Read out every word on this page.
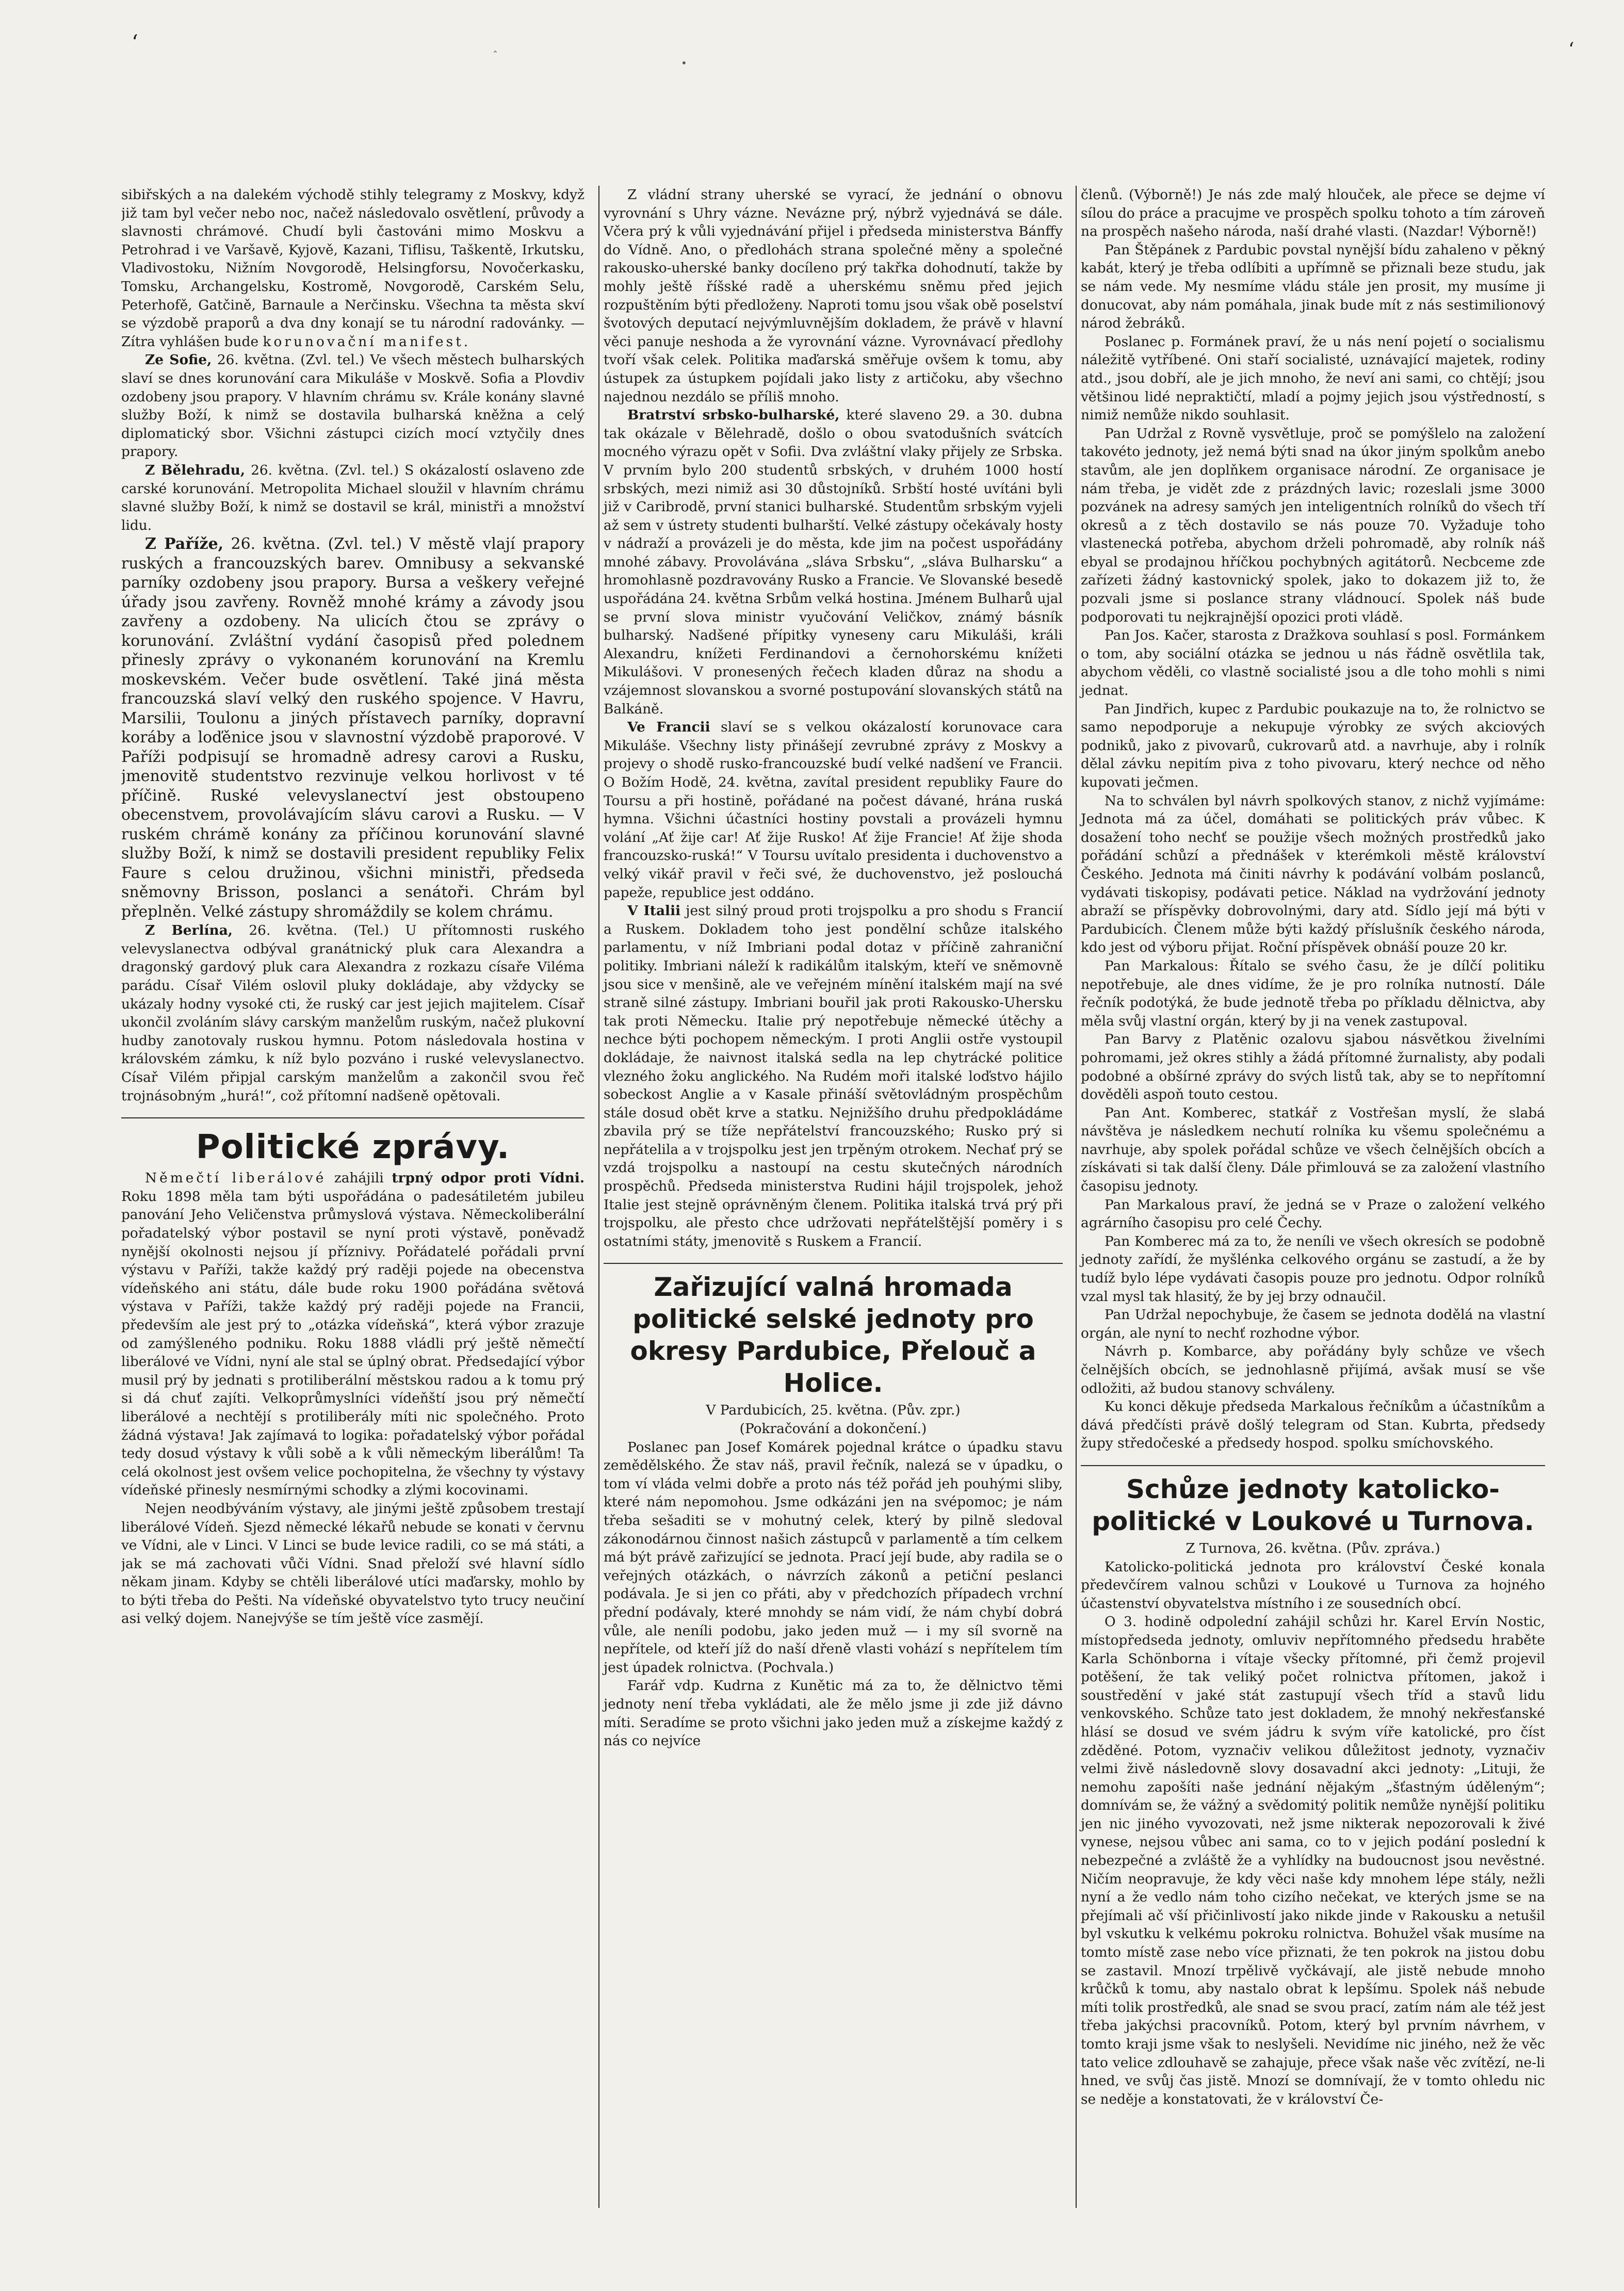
ʻ
•
ˆ	ʻ

sibiřských a na dalekém východě stihly telegramy z Moskvy, když již tam byl večer nebo noc, načež následovalo osvětlení, průvody a slavnosti chrámové. Chudí byli častováni mimo Moskvu a Petrohrad i ve Varšavě, Kyjově, Kazani, Tiflisu, Taškentě, Irkutsku, Vladivostoku, Nižním Novgorodě, Helsingforsu, Novočerkasku, Tomsku, Archangelsku, Kostromě, Novgorodě, Carském Selu, Peterhofě, Gatčině, Barnaule a Nerčinsku. Všechna ta města skví se výzdobě praporů a dva dny konají se tu národní radovánky. — Zítra vyhlášen bude korunovační manifest.

Ze Sofie, 26. května. (Zvl. tel.) Ve všech městech bulharských slaví se dnes korunování cara Mikuláše v Moskvě. Sofia a Plovdiv ozdobeny jsou prapory. V hlavním chrámu sv. Krále konány slavné služby Boží, k nimž se dostavila bulharská kněžna a celý diplomatický sbor. Všichni zástupci cizích mocí vztyčily dnes prapory.

Z Bělehradu, 26. května. (Zvl. tel.) S okázalostí oslaveno zde carské korunování. Metropolita Michael sloužil v hlavním chrámu slavné služby Boží, k nimž se dostavil se král, ministři a množství lidu.

Z Paříže, 26. května. (Zvl. tel.) V městě vlají prapory ruských a francouzských barev. Omnibusy a sekvanské parníky ozdobeny jsou prapory. Bursa a veškery veřejné úřady jsou zavřeny. Rovněž mnohé krámy a závody jsou zavřeny a ozdobeny. Na ulicích čtou se zprávy o korunování. Zvláštní vydání časopisů před polednem přinesly zprávy o vykonaném korunování na Kremlu moskevském. Večer bude osvětlení. Také jiná města francouzská slaví velký den ruského spojence. V Havru, Marsilii, Toulonu a jiných přístavech parníky, dopravní koráby a loďěnice jsou v slavnostní výzdobě praporové. V Paříži podpisují se hromadně adresy carovi a Rusku, jmenovitě studentstvo rezvinuje velkou horlivost v té příčině. Ruské velevyslanectví jest obstoupeno obecenstvem, provolávajícím slávu carovi a Rusku. — V ruském chrámě konány za příčinou korunování slavné služby Boží, k nimž se dostavili president republiky Felix Faure s celou družinou, všichni ministři, předseda sněmovny Brisson, poslanci a senátoři. Chrám byl přeplněn. Velké zástupy shromáždily se kolem chrámu.

Z Berlína, 26. května. (Tel.) U přítomnosti ruského velevyslanectva odbýval granátnický pluk cara Alexandra a dragonský gardový pluk cara Alexandra z rozkazu císaře Viléma parádu. Císař Vilém oslovil pluky dokládaje, aby vždycky se ukázaly hodny vysoké cti, že ruský car jest jejich majitelem. Císař ukončil zvoláním slávy carským manželům ruským, načež plukovní hudby zanotovaly ruskou hymnu. Potom následovala hostina v královském zámku, k níž bylo pozváno i ruské velevyslanectvo. Císař Vilém připjal carským manželům a zakončil svou řeč trojnásobným „hurá!“, což přítomní nadšeně opětovali.

Politické zprávy.

Němečtí liberálové zahájili trpný odpor proti Vídni. Roku 1898 měla tam býti uspořádána o padesátiletém jubileu panování Jeho Veličenstva průmyslová výstava. Německoliberální pořadatelský výbor postavil se nyní proti výstavě, poněvadž nynější okolnosti nejsou jí příznivy. Pořádatelé pořádali první výstavu v Paříži, takže každý prý raději pojede na obecenstva vídeňského ani státu, dále bude roku 1900 pořádána světová výstava v Paříži, takže každý prý raději pojede na Francii, především ale jest prý to „otázka vídeňská“, která výbor zrazuje od zamýšleného podniku. Roku 1888 vládli prý ještě němečtí liberálové ve Vídni, nyní ale stal se úplný obrat. Předsedající výbor musil prý by jednati s protiliberální městskou radou a k tomu prý si dá chuť zajíti. Velkoprůmyslníci vídeňští jsou prý němečtí liberálové a nechtějí s protiliberály míti nic společného. Proto žádná výstava! Jak zajímavá to logika: pořadatelský výbor pořádal tedy dosud výstavy k vůli sobě a k vůli německým liberálům! Ta celá okolnost jest ovšem velice pochopitelna, že všechny ty výstavy vídeňské přinesly nesmírnými schodky a zlými kocovinami.

Nejen neodbýváním výstavy, ale jinými ještě způsobem trestají liberálové Vídeň. Sjezd německé lékařů nebude se konati v červnu ve Vídni, ale v Linci. V Linci se bude levice radili, co se má státi, a jak se má zachovati vůči Vídni. Snad přeloží své hlavní sídlo někam jinam. Kdyby se chtěli liberálové utíci maďarsky, mohlo by to býti třeba do Pešti. Na vídeňské obyvatelstvo tyto trucy neučiní asi velký dojem. Nanejvýše se tím ještě více zasmějí.

Z vládní strany uherské se vyrací, že jednání o obnovu vyrovnání s Uhry vázne. Nevázne prý, nýbrž vyjednává se dále. Včera prý k vůli vyjednávání přijel i předseda ministerstva Bánffy do Vídně. Ano, o předlohách strana společné měny a společné rakousko-uherské banky docíleno prý takřka dohodnutí, takže by mohly ještě říšské radě a uherskému sněmu před jejich rozpuštěním býti předloženy. Naproti tomu jsou však obě poselství švotových deputací nejvýmluvnějším dokladem, že právě v hlavní věci panuje neshoda a že vyrovnání vázne. Vyrovnávací předlohy tvoří však celek. Politika maďarská směřuje ovšem k tomu, aby ústupek za ústupkem pojídali jako listy z artičoku, aby všechno najednou nezdálo se příliš mnoho.

Bratrství srbsko-bulharské, které slaveno 29. a 30. dubna tak okázale v Bělehradě, došlo o obou svatodušních svátcích mocného výrazu opět v Sofii. Dva zvláštní vlaky přijely ze Srbska. V prvním bylo 200 studentů srbských, v druhém 1000 hostí srbských, mezi nimiž asi 30 důstojníků. Srbští hosté uvítáni byli již v Caribrodě, první stanici bulharské. Studentům srbským vyjeli až sem v ústrety studenti bulharští. Velké zástupy očekávaly hosty v nádraží a provázeli je do města, kde jim na počest uspořádány mnohé zábavy. Provolávána „sláva Srbsku“, „sláva Bulharsku“ a hromohlasně pozdravovány Rusko a Francie. Ve Slovanské besedě uspořádána 24. května Srbům velká hostina. Jménem Bulharů ujal se první slova ministr vyučování Veličkov, známý básník bulharský. Nadšené přípitky vyneseny caru Mikuláši, králi Alexandru, knížeti Ferdinandovi a černohorskému knížeti Mikulášovi. V pronesených řečech kladen důraz na shodu a vzájemnost slovanskou a svorné postupování slovanských států na Balkáně.

Ve Francii slaví se s velkou okázalostí korunovace cara Mikuláše. Všechny listy přinášejí zevrubné zprávy z Moskvy a projevy o shodě rusko-francouzské budí velké nadšení ve Francii. O Božím Hodě, 24. května, zavítal president republiky Faure do Toursu a při hostině, pořádané na počest dávané, hrána ruská hymna. Všichni účastníci hostiny povstali a provázeli hymnu volání „Ať žije car! Ať žije Rusko! Ať žije Francie! Ať žije shoda francouzsko-ruská!“ V Toursu uvítalo presidenta i duchovenstvo a velký vikář pravil v řeči své, že duchovenstvo, jež poslouchá papeže, republice jest oddáno.

V Italii jest silný proud proti trojspolku a pro shodu s Francií a Ruskem. Dokladem toho jest pondělní schůze italského parlamentu, v níž Imbriani podal dotaz v příčině zahraniční politiky. Imbriani náleží k radikálům italským, kteří ve sněmovně jsou sice v menšině, ale ve veřejném mínění italském mají na své straně silné zástupy. Imbriani bouřil jak proti Rakousko-Uhersku tak proti Německu. Italie prý nepotřebuje německé útěchy a nechce býti pochopem německým. I proti Anglii ostře vystoupil dokládaje, že naivnost italská sedla na lep chytrácké politice vlezného žoku anglického. Na Rudém moři italské loďstvo hájilo sobeckost Anglie a v Kasale přináší světovládným prospěchům stále dosud obět krve a statku. Nejnižšího druhu předpokládáme zbavila prý se tíže nepřátelství francouzského; Rusko prý si nepřátelila a v trojspolku jest jen trpěným otrokem. Nechať prý se vzdá trojspolku a nastoupí na cestu skutečných národních prospěchů. Předseda ministerstva Rudini hájil trojspolek, jehož Italie jest stejně oprávněným členem. Politika italská trvá prý při trojspolku, ale přesto chce udržovati nepřátelštější poměry i s ostatními státy, jmenovitě s Ruskem a Francií.

Zařizující valná hromada politické selské jednoty pro okresy Pardubice, Přelouč a Holice.

V Pardubicích, 25. května. (Pův. zpr.)

(Pokračování a dokončení.)

Poslanec pan Josef Komárek pojednal krátce o úpadku stavu zemědělského. Že stav náš, pravil řečník, nalezá se v úpadku, o tom ví vláda velmi dobře a proto nás též pořád jeh pouhými sliby, které nám nepomohou. Jsme odkázáni jen na svépomoc; je nám třeba sešaditi se v mohutný celek, který by pilně sledoval zákonodárnou činnost našich zástupců v parlamentě a tím celkem má být právě zařizující se jednota. Prací její bude, aby radila se o veřejných otázkách, o návrzích zákonů a petiční peslanci podávala. Je si jen co přáti, aby v předchozích případech vrchní přední podávaly, které mnohdy se nám vidí, že nám chybí dobrá vůle, ale neníli podobu, jako jeden muž — i my síl svorně na nepřítele, od kteří jíž do naší dřeně vlasti vohází s nepřítelem tím jest úpadek rolnictva. (Pochvala.)

Farář vdp. Kudrna z Kunětic má za to, že dělnictvo těmi jednoty není třeba vykládati, ale že mělo jsme ji zde již dávno míti. Seradíme se proto všichni jako jeden muž a získejme každý z nás co nejvíce

členů. (Výborně!) Je nás zde malý hlouček, ale přece se dejme ví sílou do práce a pracujme ve prospěch spolku tohoto a tím zároveň na prospěch našeho národa, naší drahé vlasti. (Nazdar! Výborně!)

Pan Štěpánek z Pardubic povstal nynější bídu zahaleno v pěkný kabát, který je třeba odlíbiti a upřímně se přiznali beze studu, jak se nám vede. My nesmíme vládu stále jen prosit, my musíme ji donucovat, aby nám pomáhala, jinak bude mít z nás sestimilionový národ žebráků.

Poslanec p. Formánek praví, že u nás není pojetí o socialismu náležitě vytříbené. Oni staří socialisté, uznávající majetek, rodiny atd., jsou dobří, ale je jich mnoho, že neví ani sami, co chtějí; jsou většinou lidé nepraktičtí, mladí a pojmy jejich jsou výstředností, s nimiž nemůže nikdo souhlasit.

Pan Udržal z Rovně vysvětluje, proč se pomýšlelo na založení takovéto jednoty, jež nemá býti snad na úkor jiným spolkům anebo stavům, ale jen doplňkem organisace národní. Ze organisace je nám třeba, je vidět zde z prázdných lavic; rozeslali jsme 3000 pozvánek na adresy samých jen inteligentních rolníků do všech tří okresů a z těch dostavilo se nás pouze 70. Vyžaduje toho vlastenecká potřeba, abychom drželi pohromadě, aby rolník náš ebyal se prodajnou hříčkou pochybných agitátorů. Necbceme zde zařízeti žádný kastovnický spolek, jako to dokazem již to, že pozvali jsme si poslance strany vládnoucí. Spolek náš bude podporovati tu nejkrajnější opozici proti vládě.

Pan Jos. Kačer, starosta z Dražkova souhlasí s posl. Formánkem o tom, aby sociální otázka se jednou u nás řádně osvětlila tak, abychom věděli, co vlastně socialisté jsou a dle toho mohli s nimi jednat.

Pan Jindřich, kupec z Pardubic poukazuje na to, že rolnictvo se samo nepodporuje a nekupuje výrobky ze svých akciových podniků, jako z pivovarů, cukrovarů atd. a navrhuje, aby i rolník dělal závku nepitím piva z toho pivovaru, který nechce od něho kupovati ječmen.

Na to schválen byl návrh spolkových stanov, z nichž vyjímáme: Jednota má za účel, domáhati se politických práv vůbec. K dosažení toho nechť se použije všech možných prostředků jako pořádání schůzí a přednášek v kterémkoli městě království Českého. Jednota má činiti návrhy k podávání volbám poslanců, vydávati tiskopisy, podávati petice. Náklad na vydržování jednoty abraží se příspěvky dobrovolnými, dary atd. Sídlo její má býti v Pardubicích. Členem může býti každý příslušník českého národa, kdo jest od výboru přijat. Roční příspěvek obnáší pouze 20 kr.

Pan Markalous: Řítalo se svého času, že je dílčí politiku nepotřebuje, ale dnes vidíme, že je pro rolníka nutností. Dále řečník podotýká, že bude jednotě třeba po příkladu dělnictva, aby měla svůj vlastní orgán, který by ji na venek zastupoval.

Pan Barvy z Platěnic ozalovu sjabou násvětkou živelními pohromami, jež okres stihly a žádá přítomné žurnalisty, aby podali podobné a obšírné zprávy do svých listů tak, aby se to nepřítomní dověděli aspoň touto cestou.

Pan Ant. Komberec, statkář z Vostřešan myslí, že slabá návštěva je následkem nechutí rolníka ku všemu společnému a navrhuje, aby spolek pořádal schůze ve všech čelnějších obcích a získávati si tak další členy. Dále přimlouvá se za založení vlastního časopisu jednoty.

Pan Markalous praví, že jedná se v Praze o založení velkého agrárního časopisu pro celé Čechy.

Pan Komberec má za to, že neníli ve všech okresích se podobně jednoty zařídí, že myšlénka celkového orgánu se zastudí, a že by tudíž bylo lépe vydávati časopis pouze pro jednotu. Odpor rolníků vzal mysl tak hlasitý, že by jej brzy odnaučil.

Pan Udržal nepochybuje, že časem se jednota dodělá na vlastní orgán, ale nyní to nechť rozhodne výbor.

Návrh p. Kombarce, aby pořádány byly schůze ve všech čelnějších obcích, se jednohlasně přijímá, avšak musí se vše odložiti, až budou stanovy schváleny.

Ku konci děkuje předseda Markalous řečníkům a účastníkům a dává předčísti právě došlý telegram od Stan. Kubrta, předsedy župy středočeské a předsedy hospod. spolku smíchovského.

Schůze jednoty katolicko-politické v Loukové u Turnova.

Z Turnova, 26. května. (Pův. zpráva.)

Katolicko-politická jednota pro království České konala předevčírem valnou schůzi v Loukové u Turnova za hojného účastenství obyvatelstva místního i ze sousedních obcí.

O 3. hodině odpolední zahájil schůzi hr. Karel Ervín Nostic, místopředseda jednoty, omluviv nepřítomného předsedu hraběte Karla Schönborna i vítaje všecky přítomné, při čemž projevil potěšení, že tak veliký počet rolnictva přítomen, jakož i soustředění v jaké stát zastupují všech tříd a stavů lidu venkovského. Schůze tato jest dokladem, že mnohý nekřesťanské hlásí se dosud ve svém jádru k svým víře katolické, pro číst zděděné. Potom, vyznačiv velikou důležitost jednoty, vyznačiv velmi živě následovně slovy dosavadní akci jednoty: „Lituji, že nemohu zapošíti naše jednání nějakým „šťastným úděleným“; domnívám se, že vážný a svědomitý politik nemůže nynější politiku jen nic jiného vyvozovati, než jsme nikterak nepozorovali k živé vynese, nejsou vůbec ani sama, co to v jejich podání poslední k nebezpečné a zvláště že a vyhlídky na budoucnost jsou nevěstné. Ničím neopravuje, že kdy věci naše kdy mnohem lépe stály, nežli nyní a že vedlo nám toho cizího nečekat, ve kterých jsme se na přejímali ač vší přičinlivostí jako nikde jinde v Rakousku a netušil byl vskutku k velkému pokroku rolnictva. Bohužel však musíme na tomto místě zase nebo více přiznati, že ten pokrok na jistou dobu se zastavil. Mnozí trpělivě vyčkávají, ale jistě nebude mnoho krůčků k tomu, aby nastalo obrat k lepšímu. Spolek náš nebude míti tolik prostředků, ale snad se svou prací, zatím nám ale též jest třeba jakýchsi pracovníků. Potom, který byl prvním návrhem, v tomto kraji jsme však to neslyšeli. Nevidíme nic jiného, než že věc tato velice zdlouhavě se zahajuje, přece však naše věc zvítězí, ne-li hned, ve svůj čas jistě. Mnozí se domnívají, že v tomto ohledu nic se neděje a konstatovati, že v království Če-
